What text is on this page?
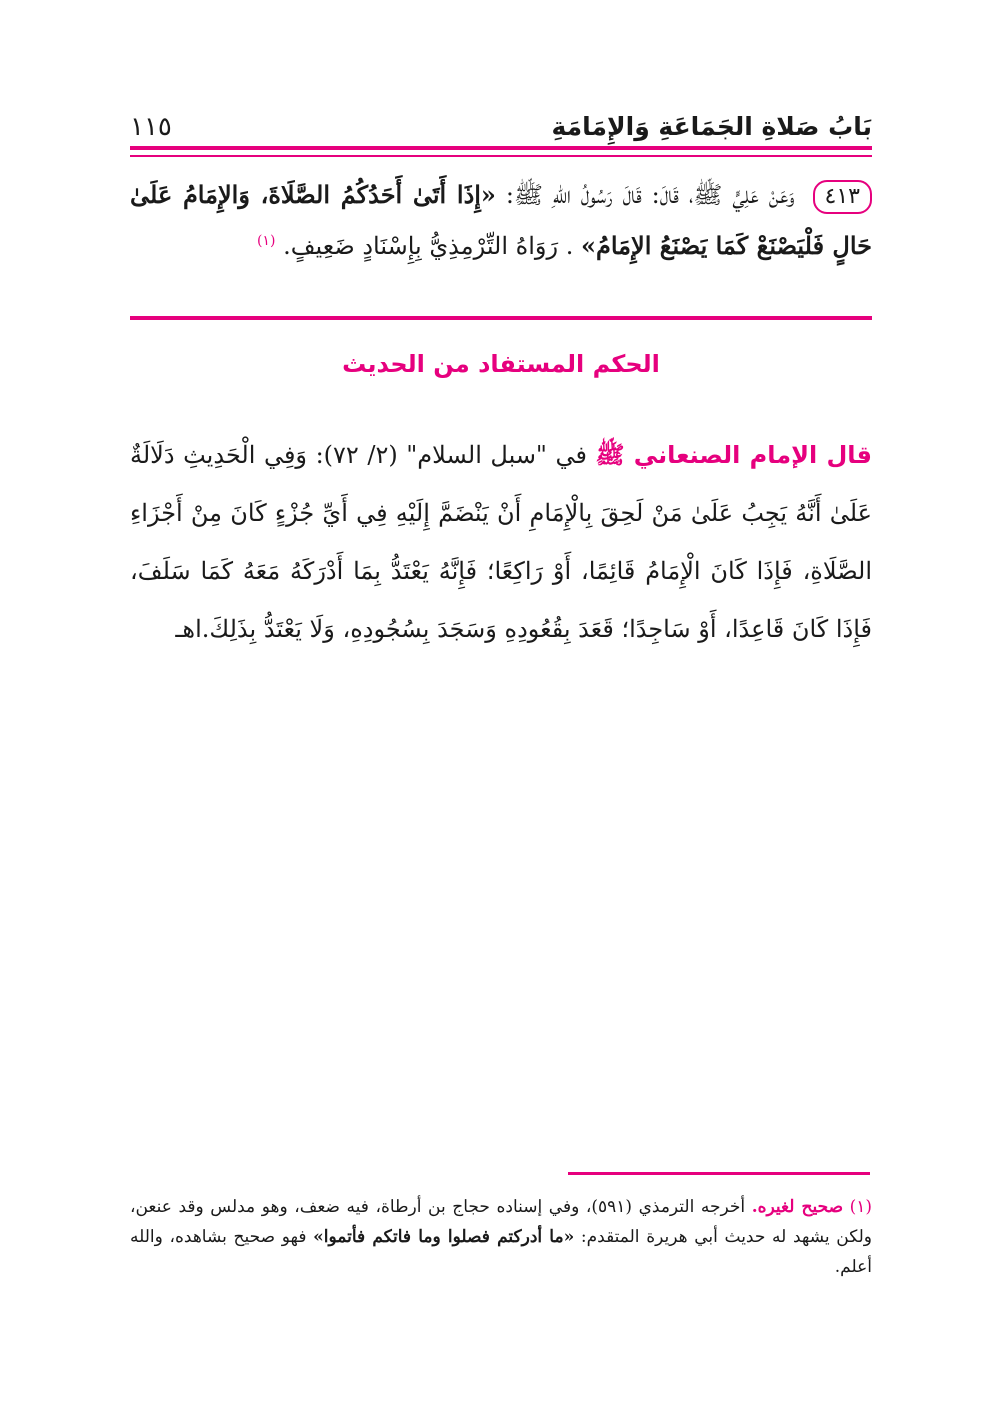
بَابُ صَلاةِ الجَمَاعَةِ وَالإِمَامَةِ
١١٥
٤١٣ وَعَنْ عَلِيٍّ ﷺ، قَالَ: قَالَ رَسُولُ اللهِ ﷺ: «إِذَا أَتَىٰ أَحَدُكُمُ الصَّلَاةَ، وَالإِمَامُ عَلَىٰ حَالٍ فَلْيَصْنَعْ كَمَا يَصْنَعُ الإِمَامُ» . رَوَاهُ التِّرْمِذِيُّ بِإِسْنَادٍ ضَعِيفٍ. $^{(١)}$
الحكم المستفاد من الحديث
قال الإمام الصنعاني ﷺ في "سبل السلام" (٢/ ٧٢): وَفِي الْحَدِيثِ دَلَالَةٌ عَلَىٰ أَنَّهُ يَجِبُ عَلَىٰ مَنْ لَحِقَ بِالْإِمَامِ أَنْ يَنْضَمَّ إِلَيْهِ فِي أَيِّ جُزْءٍ كَانَ مِنْ أَجْزَاءِ الصَّلَاةِ، فَإِذَا كَانَ الْإِمَامُ قَائِمًا، أَوْ رَاكِعًا؛ فَإِنَّهُ يَعْتَدُّ بِمَا أَدْرَكَهُ مَعَهُ كَمَا سَلَفَ، فَإِذَا كَانَ قَاعِدًا، أَوْ سَاجِدًا؛ قَعَدَ بِقُعُودِهِ وَسَجَدَ بِسُجُودِهِ، وَلَا يَعْتَدُّ بِذَلِكَ.اهـ
(١) صحيح لغيره. أخرجه الترمذي (٥٩١)، وفي إسناده حجاج بن أرطاة، فيه ضعف، وهو مدلس وقد عنعن، ولكن يشهد له حديث أبي هريرة المتقدم: «ما أدركتم فصلوا وما فاتكم فأتموا» فهو صحيح بشاهده، والله أعلم.
